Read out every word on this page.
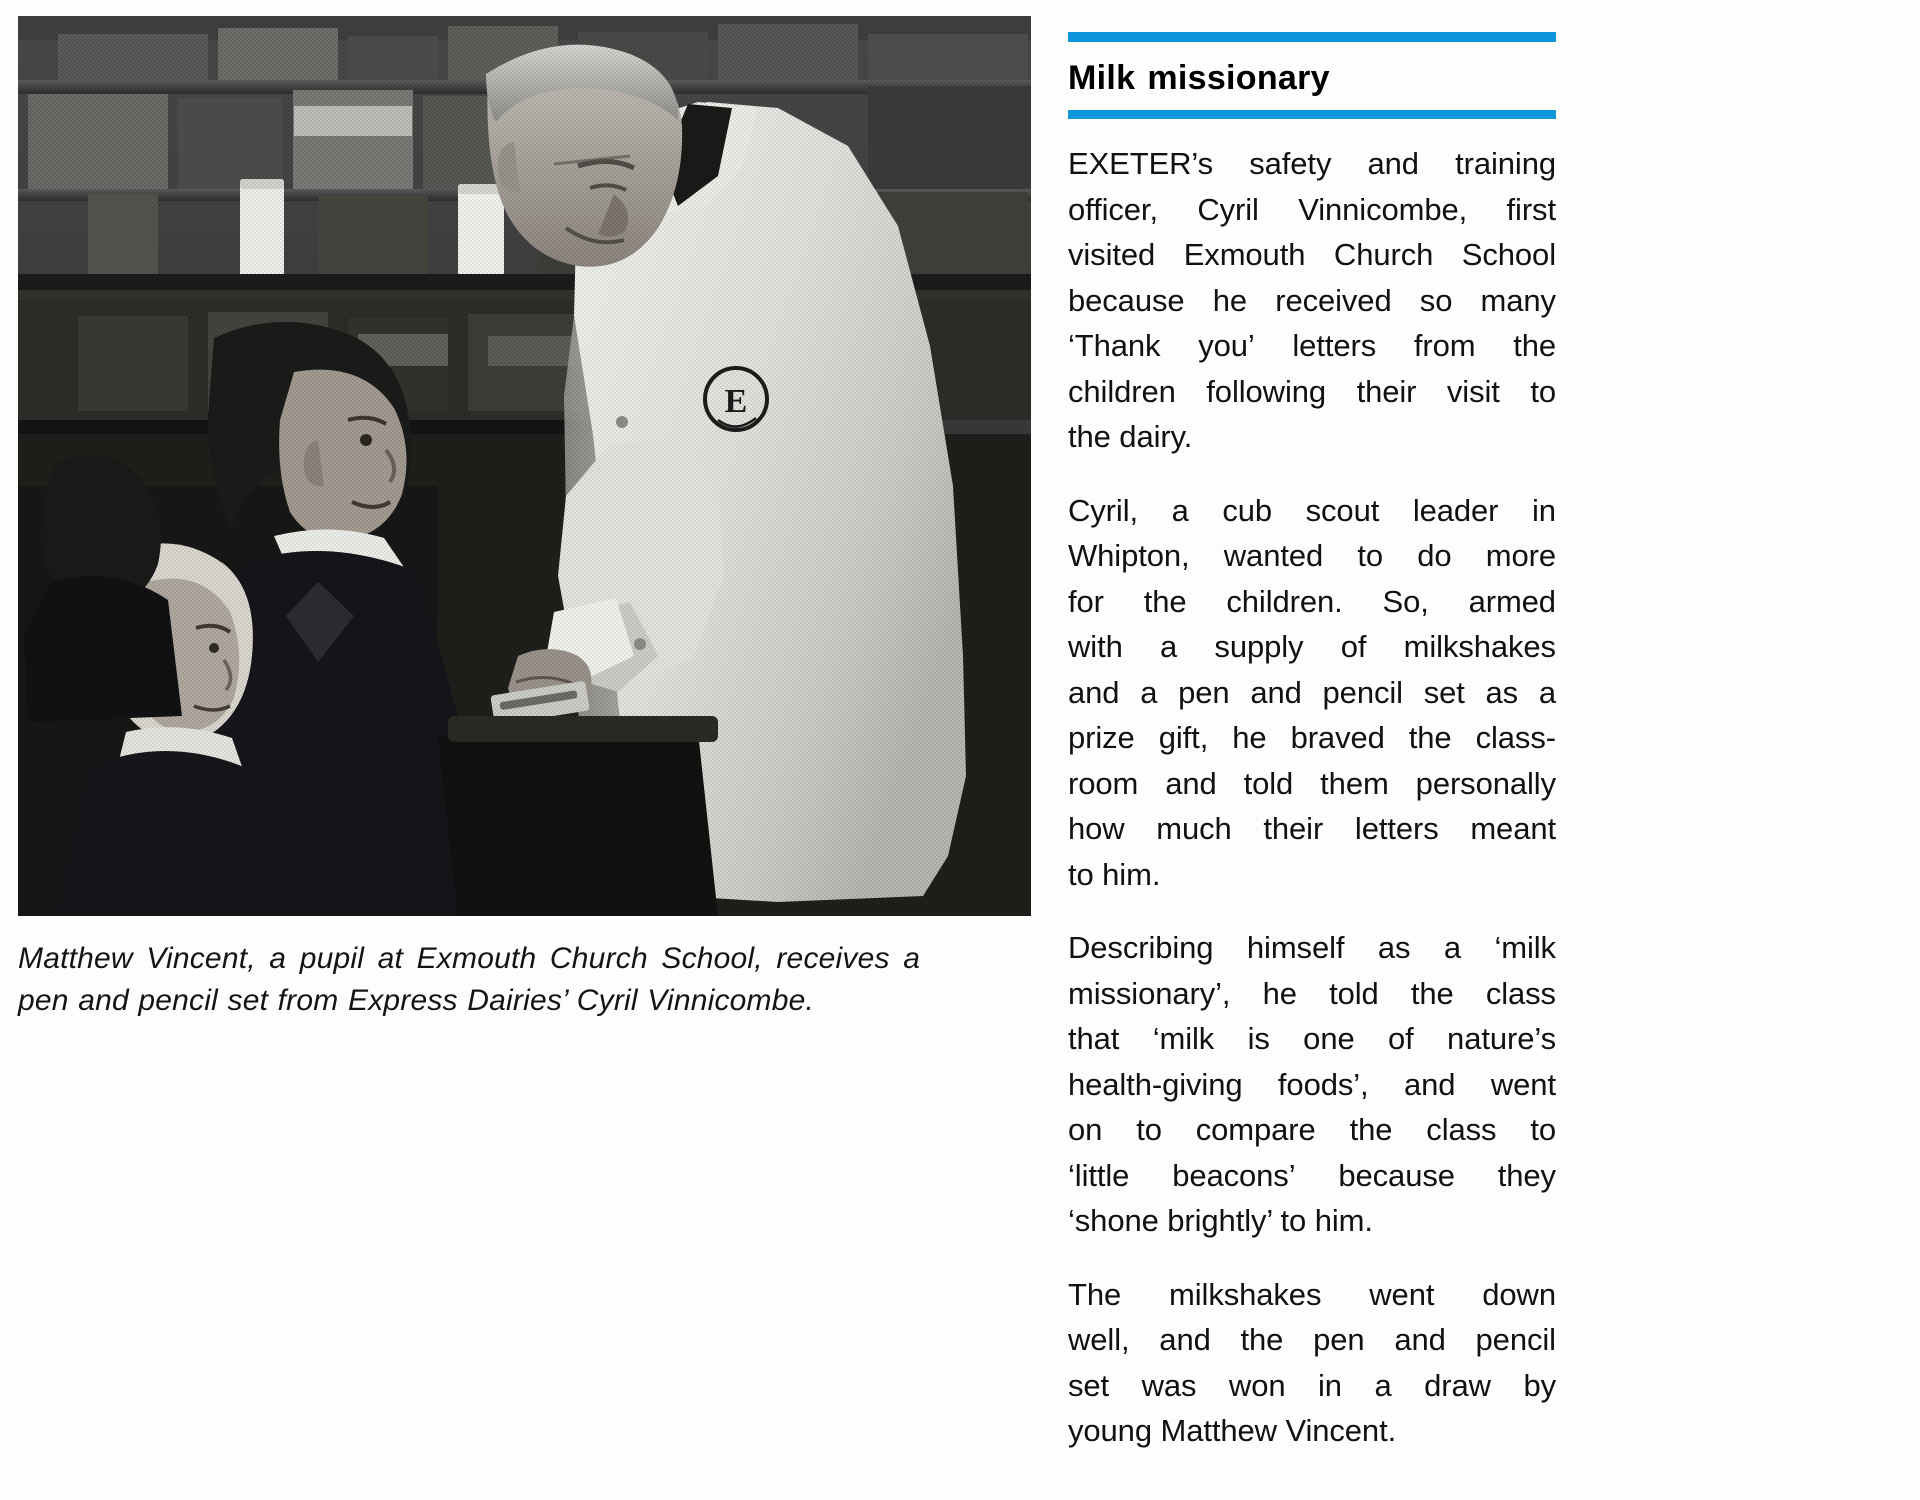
Matthew Vincent, a pupil at Exmouth Church School, receives a
pen and pencil set from Express Dairies’ Cyril Vinnicombe.
Milk missionary

EXETER’s safety and training
officer, Cyril Vinnicombe, first
visited Exmouth Church School
because he received so many
‘Thank you’ letters from the
children following their visit to
the dairy.

Cyril, a cub scout leader in
Whipton, wanted to do more
for the children. So, armed
with a supply of milkshakes
and a pen and pencil set as a
prize gift, he braved the class-
room and told them personally
how much their letters meant
to him.

Describing himself as a ‘milk
missionary’, he told the class
that ‘milk is one of nature’s
health-giving foods’, and went
on to compare the class to
‘little beacons’ because they
‘shone brightly’ to him.

The milkshakes went down
well, and the pen and pencil
set was won in a draw by
young Matthew Vincent.
